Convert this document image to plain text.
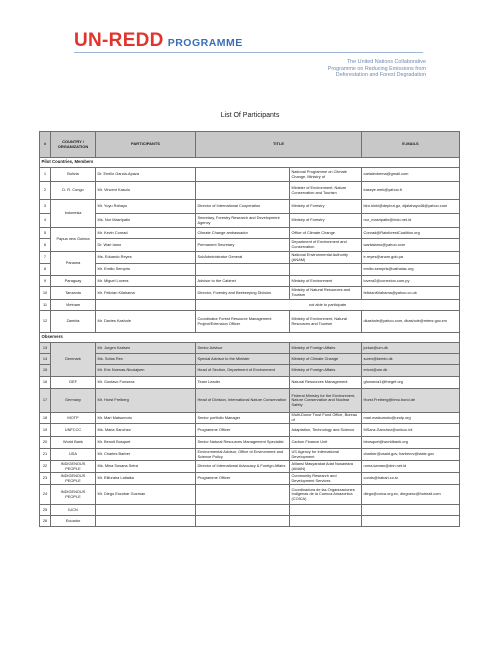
UN-REDD PROGRAMME
The United Nations Collaborative
Programme on Reducing Emissions from
Deforestation and Forest Degradation
List Of Participants
#	COUNTRY / ORGANIZATION	PARTICIPANTS	TITLE		E-MAILS
Pilot Countries, Members					
1	Bolivia	Dr. Emilio Garcia-Apaza		National Programme on Climate Change, Ministry of	carlalexbema@gmail.com
2	D. R. Congo	Mr. Vincent Kasulu		Minister of Environment, Nature Conservation and Tourism	kaseye.mek@yahoo.fr
3	Indonesia	Mr. Yuyu Rahayu	Director of International Cooperation	Ministry of Forestry	biro.klnkl@dephut.go, dijalahayu48@yahoo.com
4		Ms. Nur Masripatin	Secretary, Forestry Research and Development Agency	Ministry of Forestry	nur_masripatin@indo.net.id
5	Papua new Guinea	Mr. Kevin Conrad	Climate Change ambassador	Office of Climate Change	Conrad@RainforestCoalition.org
6		Dr. Wari Iamo	Permanent Secretary	Department of Environment and Conservation	wariiaiamo@yahoo.com
7	Panama	Ms. Eduardo Reyes	SubAdministrator General	National Environmental Authority (ANAM)	e.reyes@anam.gob.pa
8		Mr. Emilio Sempris			emilio.sempris@cathalac.org
9	Paraguay	Mr. Miguel Lovera	Advisor to the Cabinet	Ministry of Environment	lovera2@conexion.com.py
10	Tanzania	Mr. Felician Kilahama	Director, Forestry and Beekeeping Division	Ministry of Natural Resources and Tourism	felicianKilahama@yahoo.co.uk
11	Vietnam		not able to participate		
12	Zambia	Mr. Davies Kashole	Coordinator Forest Resource Management Project/Extension Officer	Ministry of Environment, Natural Resources and Tourism	dkashole@yahoo.com, dkashole@mtenr.gov.zm
Observers					
13	Denmark	Mr. Jorgen Karlsen	Senior Advisor	Ministry of Foreign Affairs	jorkar@um.dk
14		Ms. Sofus Rex	Special Advisor to the Minister	Ministry of Climate Change	sorex@kemin.dk
15		Mr. Eric Noenas-Nicolajsen	Head of Section, Department of Environment	Ministry of Foreign Affairs	ericni@um.dk
16	GEF	Mr. Gustavo Fonseca	Team Leader	Natural Resources Management	gfonseca1@thegef.org
17	Germany	Mr. Horst Freiberg	Head of Division, International Nature Conservation	Federal Ministry for the Environment, Nature Conservation and Nuclear Safety	Horst.Freiberg@bmu.bund.de
18	MOTP	Mr. Mari Matsumoto	Senior portfolio Manager	Multi-Donor Trust Fund Office, Bureau of	mari.matsumoto@undp.org
19	UNFCCC	Ms. Maria Sanchez	Programme Officer	Adaptation, Technology and Science	MSanz-Sanchez@unfccc.int
20	World Bank	Mr. Benoit Bosquet	Senior Natural Resources Management Specialist	Carbon Finance Unit	bbosquet@worldbank.org
21	USA	Mr. Charles Barber	Environmental Advisor, Office of Environment and Science Policy	US Agency for International Development	cbarber@usaid.gov, barbercv@state.gov
22	INDIGENOUS PEOPLE	Ms. Mina Susana Setra	Director of International Advocacy & Foreign Affairs	Alliansi Masyarakat Adat Nusantara (AMAN)	ruma.kaman@dnn.net.id
23	INDIGENOUS PEOPLE	Mr. Elifuraha Laltaika	Programme Officer	Community Research and Development Services	conds@habari.co.tz
24	INDIGENOUS PEOPLE	Mr. Diego Escobar Guzman		Coordinadora de las Organizaciones Indigenas de la Cuenca Amazonica (COICA)	diego@coica.org.ec, diegoesc@hotmail.com
25	IUCN				
26	Ecuador				
